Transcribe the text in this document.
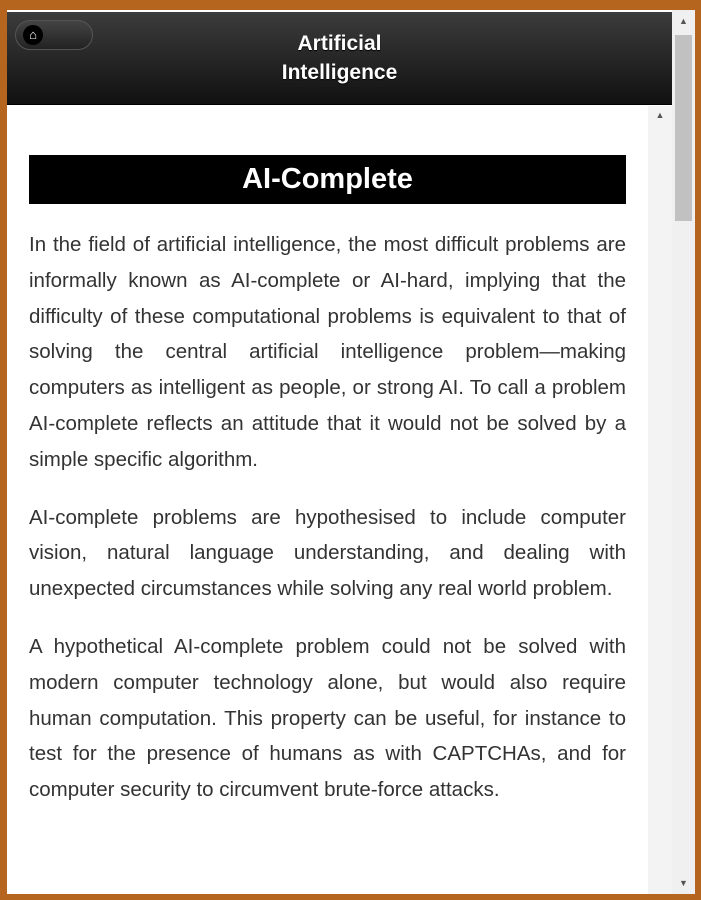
⌂	Artificial
Intelligence
▲
AI-Complete

In the field of artificial intelligence, the most difficult problems are informally known as AI-complete or AI-hard, implying that the difficulty of these computational problems is equivalent to that of solving the central artificial intelligence problem—making computers as intelligent as people, or strong AI. To call a problem AI-complete reflects an attitude that it would not be solved by a simple specific algorithm.

AI-complete problems are hypothesised to include computer vision, natural language understanding, and dealing with unexpected circumstances while solving any real world problem.

A hypothetical AI-complete problem could not be solved with modern computer technology alone, but would also require human computation. This property can be useful, for instance to test for the presence of humans as with CAPTCHAs, and for computer security to circumvent brute-force attacks.

▲
▼
